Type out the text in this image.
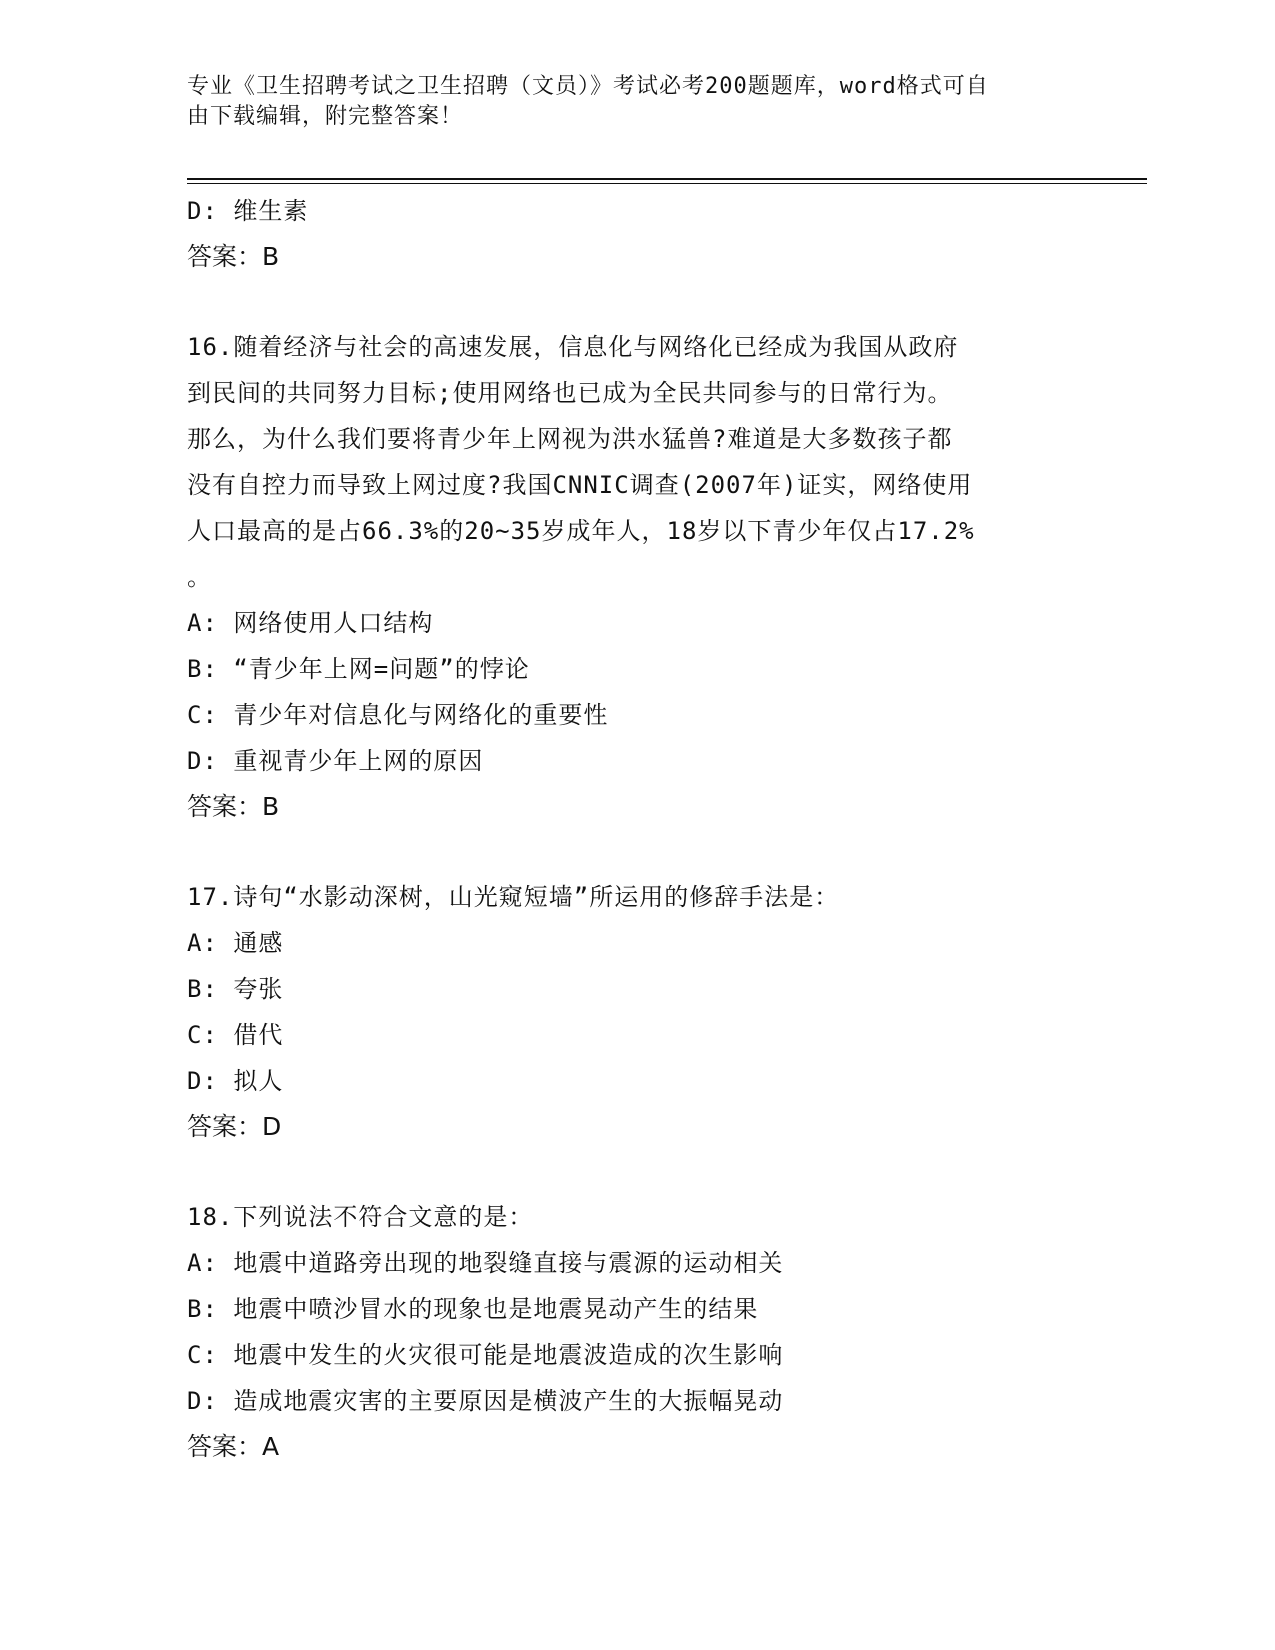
专业《卫生招聘考试之卫生招聘（文员）》考试必考200题题库，word格式可自
由下载编辑，附完整答案！
D: 维生素
答案：B
16.随着经济与社会的高速发展，信息化与网络化已经成为我国从政府
到民间的共同努力目标;使用网络也已成为全民共同参与的日常行为。
那么，为什么我们要将青少年上网视为洪水猛兽?难道是大多数孩子都
没有自控力而导致上网过度?我国CNNIC调查(2007年)证实，网络使用
人口最高的是占66.3%的20~35岁成年人，18岁以下青少年仅占17.2%
。
A: 网络使用人口结构
B: “青少年上网=问题”的悖论
C: 青少年对信息化与网络化的重要性
D: 重视青少年上网的原因
答案：B
17.诗句“水影动深树，山光窥短墙”所运用的修辞手法是：
A: 通感
B: 夸张
C: 借代
D: 拟人
答案：D
18.下列说法不符合文意的是：
A: 地震中道路旁出现的地裂缝直接与震源的运动相关
B: 地震中喷沙冒水的现象也是地震晃动产生的结果
C: 地震中发生的火灾很可能是地震波造成的次生影响
D: 造成地震灾害的主要原因是横波产生的大振幅晃动
答案：A
